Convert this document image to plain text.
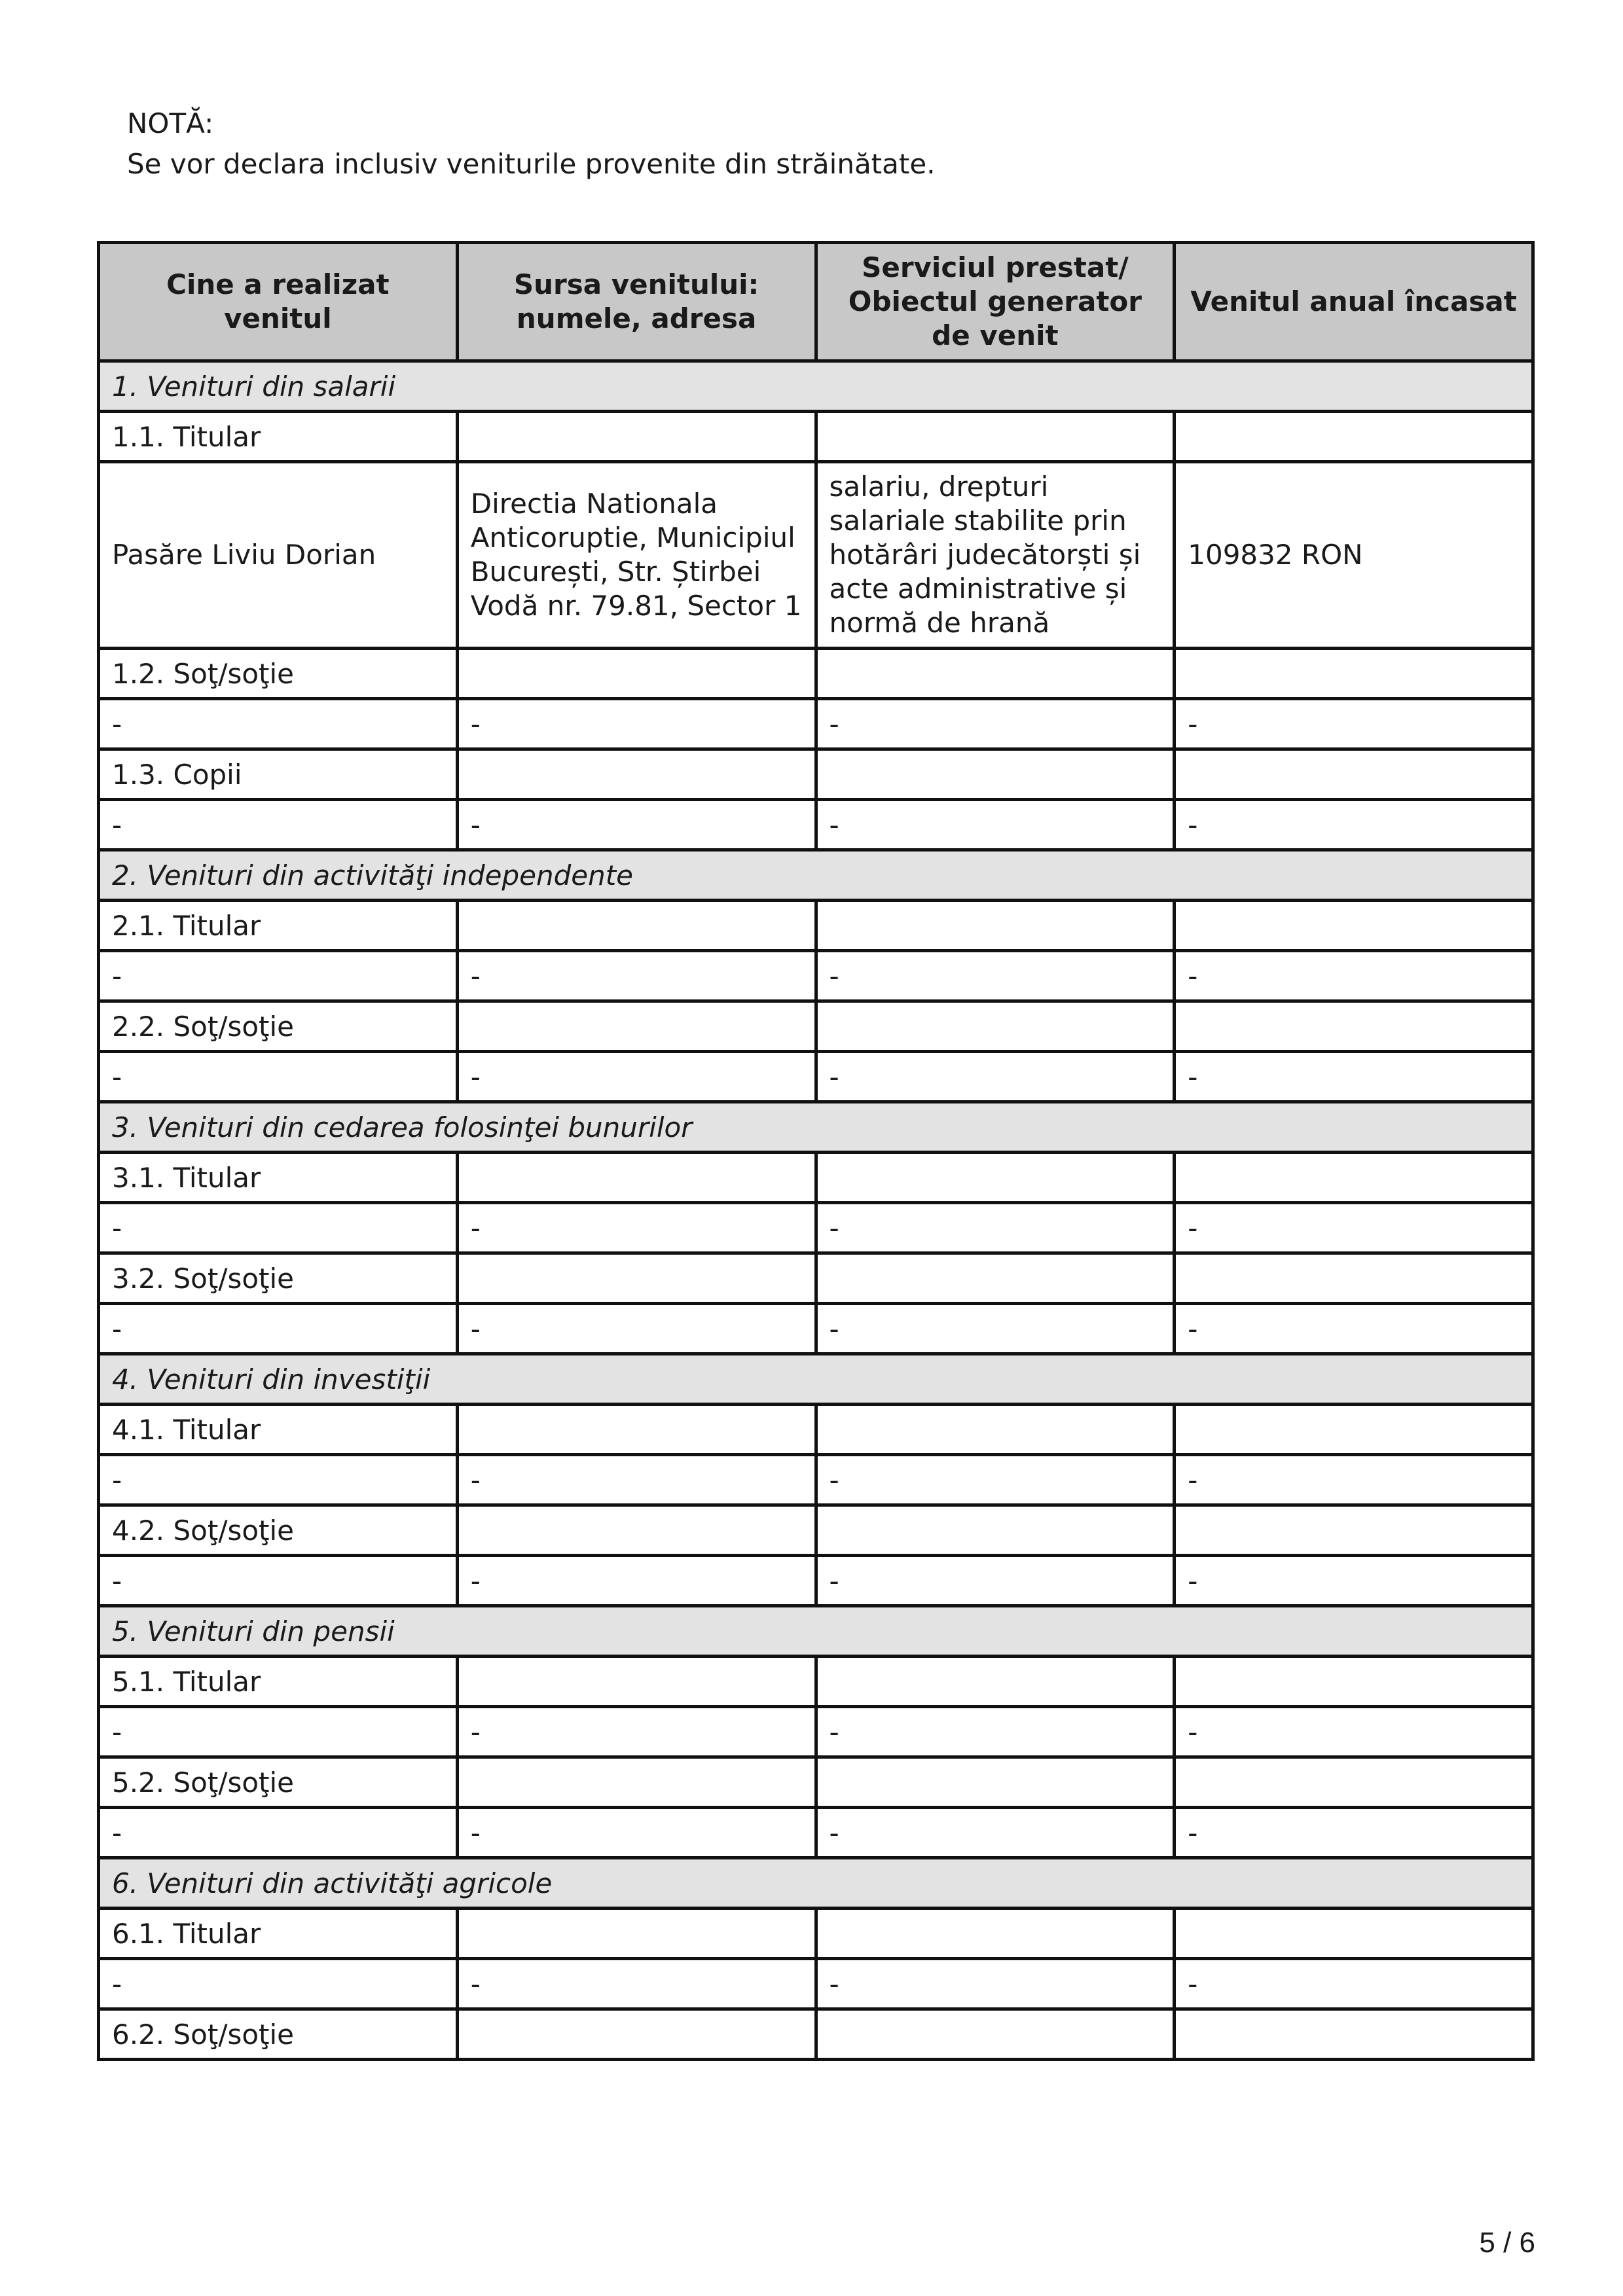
NOTĂ:
Se vor declara inclusiv veniturile provenite din străinătate.
Cine a realizat venitul	Sursa venitului: numele, adresa	Serviciul prestat/ Obiectul generator de venit	Venitul anual încasat
1. Venituri din salarii			
1.1. Titular			
Pasăre Liviu Dorian	Directia Nationala Anticoruptie, Municipiul București, Str. Știrbei Vodă nr. 79.81, Sector 1	salariu, drepturi salariale stabilite prin hotărâri judecătorști și acte administrative și normă de hrană	109832 RON
1.2. Soţ/soţie			
-	-	-	-
1.3. Copii			
-	-	-	-
2. Venituri din activităţi independente			
2.1. Titular			
-	-	-	-
2.2. Soţ/soţie			
-	-	-	-
3. Venituri din cedarea folosinţei bunurilor			
3.1. Titular			
-	-	-	-
3.2. Soţ/soţie			
-	-	-	-
4. Venituri din investiţii			
4.1. Titular			
-	-	-	-
4.2. Soţ/soţie			
-	-	-	-
5. Venituri din pensii			
5.1. Titular			
-	-	-	-
5.2. Soţ/soţie			
-	-	-	-
6. Venituri din activităţi agricole			
6.1. Titular			
-	-	-	-
6.2. Soţ/soţie			
5 / 6
